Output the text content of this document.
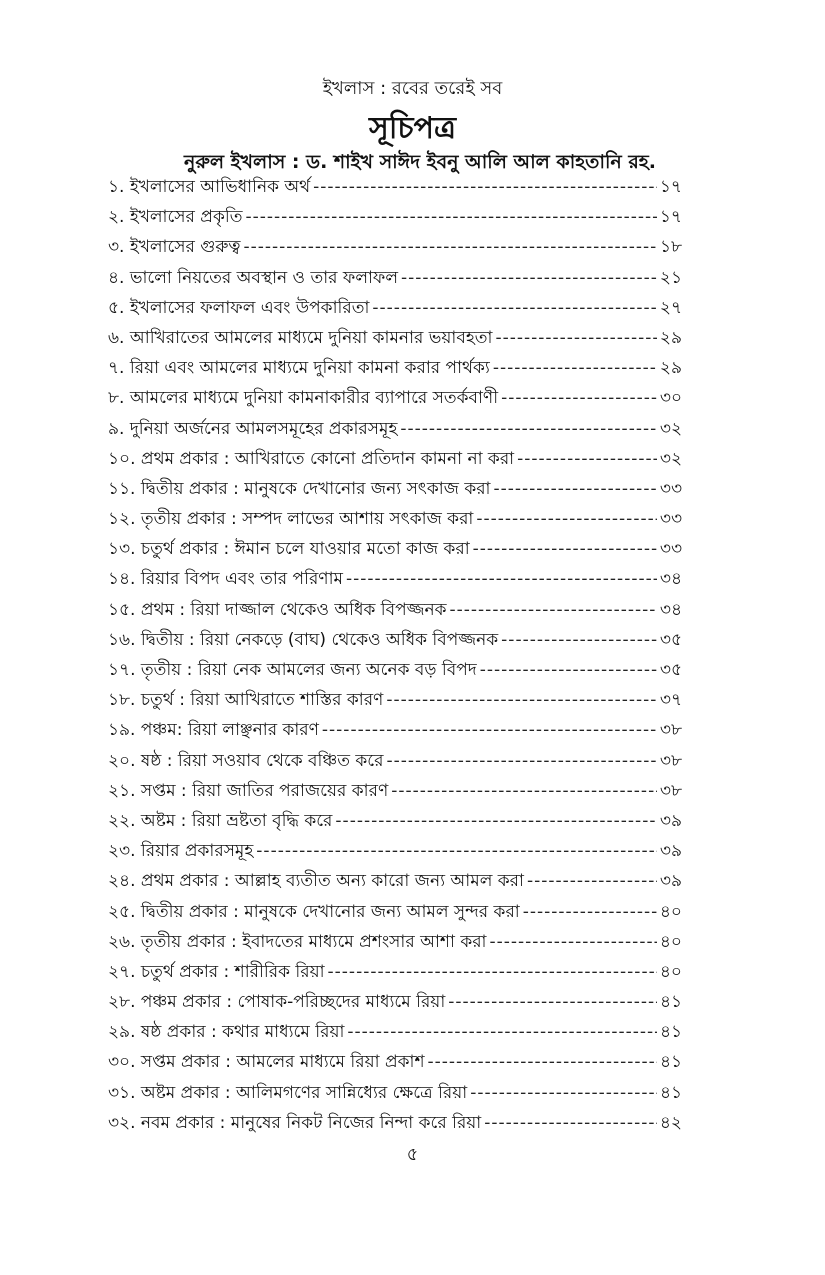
ইখলাস : রবের তরেই সব
সূচিপত্র
নুরুল ইখলাস : ড. শাইখ সাঈদ ইবনু আলি আল কাহতানি রহ.
১. ইখলাসের আভিধানিক অর্থ -----	১৭
২. ইখলাসের প্রকৃতি -----	১৭
৩. ইখলাসের গুরুত্ব -----	১৮
৪. ভালো নিয়তের অবস্থান ও তার ফলাফল -----	২১
৫. ইখলাসের ফলাফল এবং উপকারিতা -----	২৭
৬. আখিরাতের আমলের মাধ্যমে দুনিয়া কামনার ভয়াবহতা -----	২৯
৭. রিয়া এবং আমলের মাধ্যমে দুনিয়া কামনা করার পার্থক্য -----	২৯
৮. আমলের মাধ্যমে দুনিয়া কামনাকারীর ব্যাপারে সতর্কবাণী -----	৩০
৯. দুনিয়া অর্জনের আমলসমূহের প্রকারসমূহ -----	৩২
১০. প্রথম প্রকার : আখিরাতে কোনো প্রতিদান কামনা না করা -----	৩২
১১. দ্বিতীয় প্রকার : মানুষকে দেখানোর জন্য সৎকাজ করা -----	৩৩
১২. তৃতীয় প্রকার : সম্পদ লাভের আশায় সৎকাজ করা -----	৩৩
১৩. চতুর্থ প্রকার : ঈমান চলে যাওয়ার মতো কাজ করা -----	৩৩
১৪. রিয়ার বিপদ এবং তার পরিণাম -----	৩৪
১৫. প্রথম : রিয়া দাজ্জাল থেকেও অধিক বিপজ্জনক -----	৩৪
১৬. দ্বিতীয় : রিয়া নেকড়ে (বাঘ) থেকেও অধিক বিপজ্জনক -----	৩৫
১৭. তৃতীয় : রিয়া নেক আমলের জন্য অনেক বড় বিপদ -----	৩৫
১৮. চতুর্থ : রিয়া আখিরাতে শাস্তির কারণ -----	৩৭
১৯. পঞ্চম: রিয়া লাঞ্ছনার কারণ -----	৩৮
২০. ষষ্ঠ : রিয়া সওয়াব থেকে বঞ্চিত করে -----	৩৮
২১. সপ্তম : রিয়া জাতির পরাজয়ের কারণ -----	৩৮
২২. অষ্টম : রিয়া ভ্রষ্টতা বৃদ্ধি করে -----	৩৯
২৩. রিয়ার প্রকারসমূহ -----	৩৯
২৪. প্রথম প্রকার : আল্লাহ ব্যতীত অন্য কারো জন্য আমল করা -----	৩৯
২৫. দ্বিতীয় প্রকার : মানুষকে দেখানোর জন্য আমল সুন্দর করা -----	৪০
২৬. তৃতীয় প্রকার : ইবাদতের মাধ্যমে প্রশংসার আশা করা -----	৪০
২৭. চতুর্থ প্রকার : শারীরিক রিয়া -----	৪০
২৮. পঞ্চম প্রকার : পোষাক-পরিচ্ছদের মাধ্যমে রিয়া -----	৪১
২৯. ষষ্ঠ প্রকার : কথার মাধ্যমে রিয়া -----	৪১
৩০. সপ্তম প্রকার : আমলের মাধ্যমে রিয়া প্রকাশ -----	৪১
৩১. অষ্টম প্রকার : আলিমগণের সান্নিধ্যের ক্ষেত্রে রিয়া -----	৪১
৩২. নবম প্রকার : মানুষের নিকট নিজের নিন্দা করে রিয়া -----	৪২
৫
